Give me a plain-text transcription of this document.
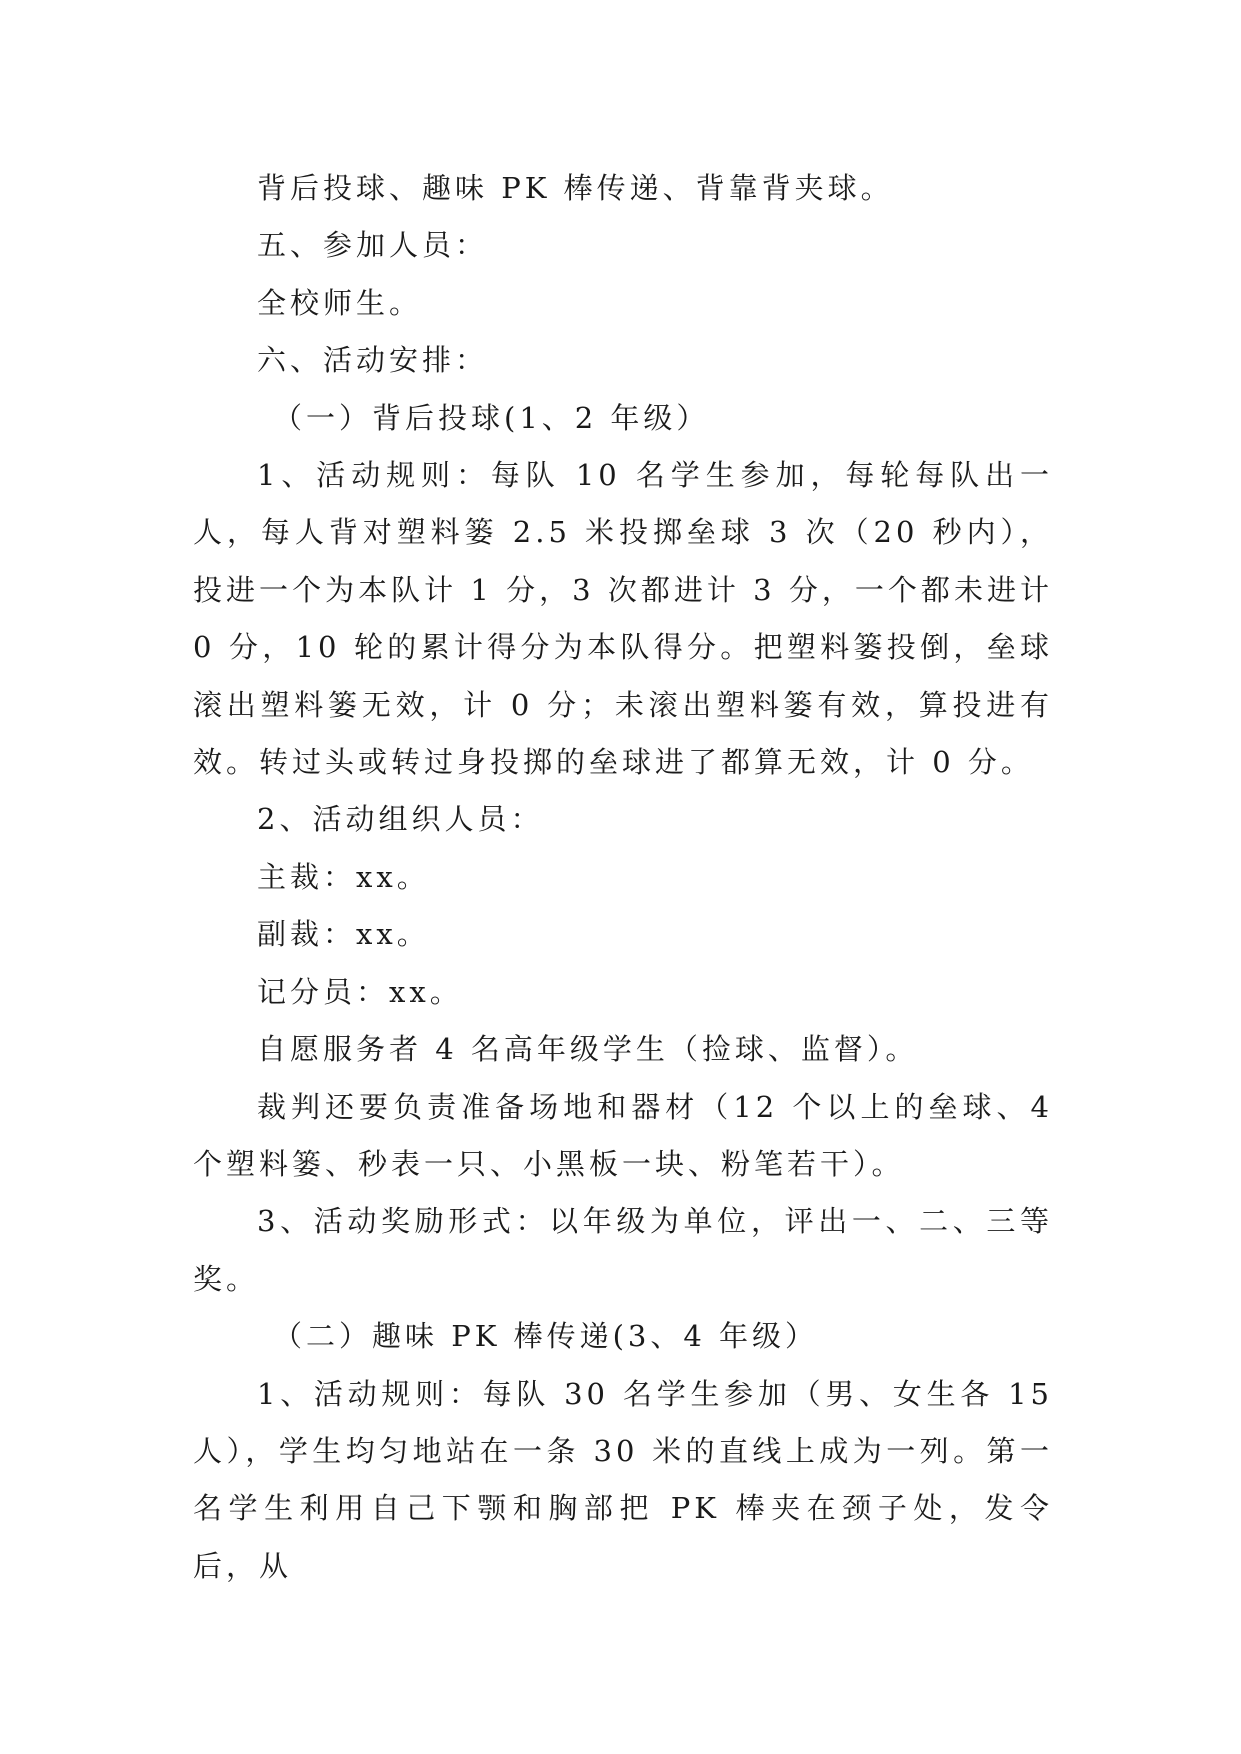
背后投球、趣味 PK 棒传递、背靠背夹球。

五、参加人员：

全校师生。

六、活动安排：

（一）背后投球(1、2 年级）

1、活动规则：每队 10 名学生参加，每轮每队出一人，每人背对塑料篓 2.5 米投掷垒球 3 次（20 秒内），投进一个为本队计 1 分，3 次都进计 3 分，一个都未进计 0 分，10 轮的累计得分为本队得分。把塑料篓投倒，垒球滚出塑料篓无效，计 0 分；未滚出塑料篓有效，算投进有效。转过头或转过身投掷的垒球进了都算无效，计 0 分。

2、活动组织人员：

主裁：xx。

副裁：xx。

记分员：xx。

自愿服务者 4 名高年级学生（捡球、监督）。

裁判还要负责准备场地和器材（12 个以上的垒球、4 个塑料篓、秒表一只、小黑板一块、粉笔若干）。

3、活动奖励形式：以年级为单位，评出一、二、三等奖。

（二）趣味 PK 棒传递(3、4 年级）

1、活动规则：每队 30 名学生参加（男、女生各 15 人），学生均匀地站在一条 30 米的直线上成为一列。第一名学生利用自己下颚和胸部把 PK 棒夹在颈子处，发令后，从
